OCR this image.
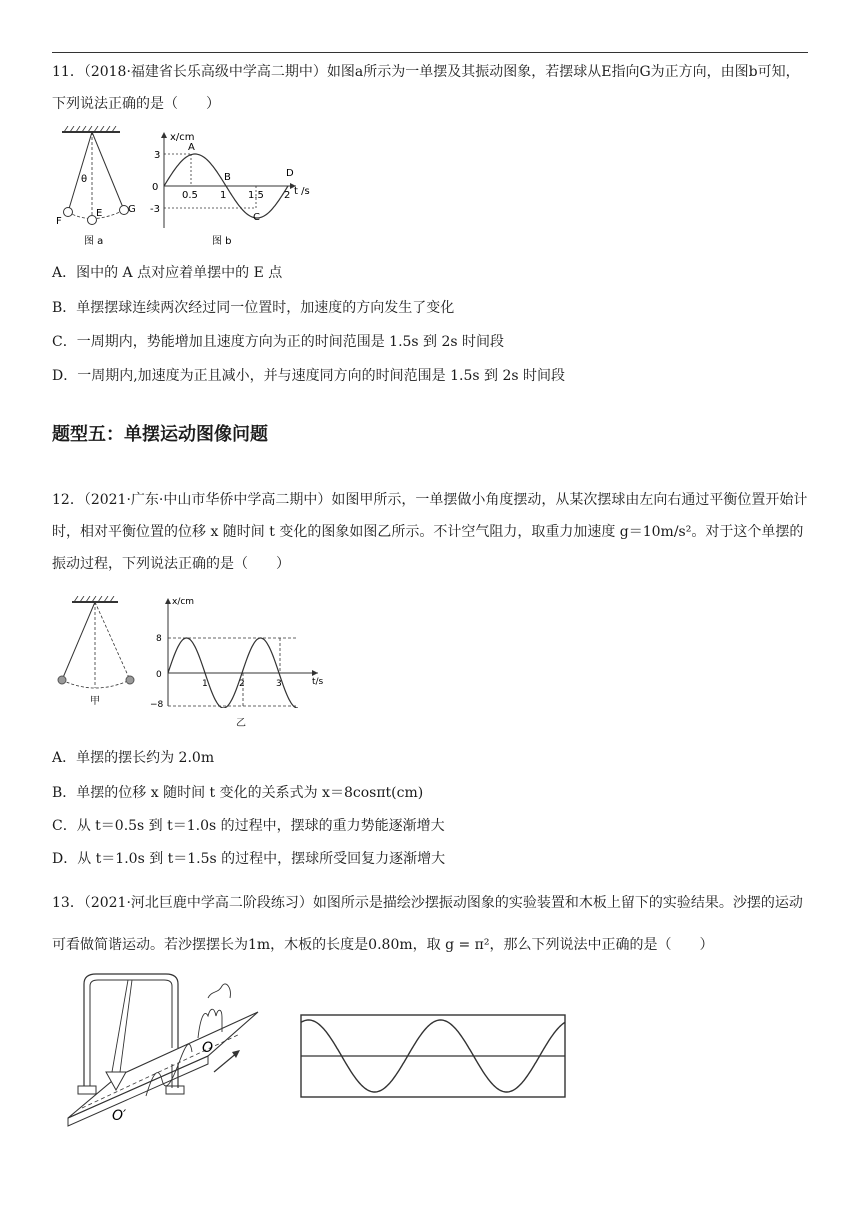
11．（2018·福建省长乐高级中学高二期中）如图a所示为一单摆及其振动图象，若摆球从E指向G为正方向，由图b可知，下列说法正确的是（　　）
θ
F
E	G
图 a
x/cm
t /s
0
3
-3
0.5 1 1.5 2
A
B
C
D
图 b
A．图中的 A 点对应着单摆中的 E 点
B．单摆摆球连续两次经过同一位置时，加速度的方向发生了变化
C．一周期内，势能增加且速度方向为正的时间范围是 1.5s 到 2s 时间段
D．一周期内,加速度为正且减小，并与速度同方向的时间范围是 1.5s 到 2s 时间段
题型五：单摆运动图像问题
12．（2021·广东·中山市华侨中学高二期中）如图甲所示，一单摆做小角度摆动，从某次摆球由左向右通过平衡位置开始计时，相对平衡位置的位移 x 随时间 t 变化的图象如图乙所示。不计空气阻力，取重力加速度 g＝10m/s²。对于这个单摆的振动过程，下列说法正确的是（　　）
甲
x/cm
t/s
0
8
−8
1	2	3
乙
A．单摆的摆长约为 2.0m
B．单摆的位移 x 随时间 t 变化的关系式为 x＝8cosπt(cm)
C．从 t＝0.5s 到 t＝1.0s 的过程中，摆球的重力势能逐渐增大
D．从 t＝1.0s 到 t＝1.5s 的过程中，摆球所受回复力逐渐增大
13．（2021·河北巨鹿中学高二阶段练习）如图所示是描绘沙摆振动图象的实验装置和木板上留下的实验结果。沙摆的运动可看做简谐运动。若沙摆摆长为1m，木板的长度是0.80m，取 g = π²，那么下列说法中正确的是（　　）
O
O′
